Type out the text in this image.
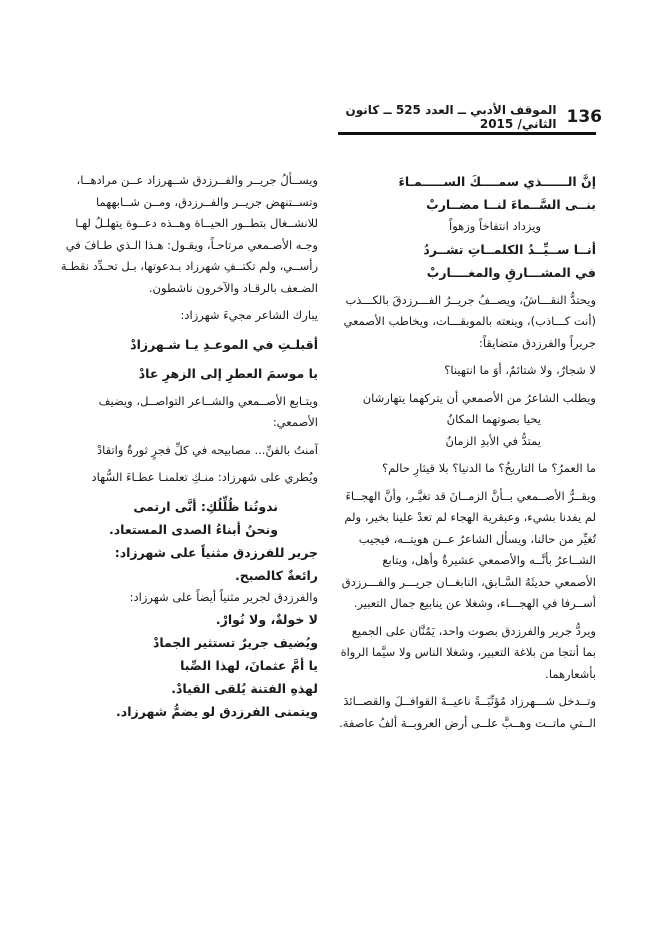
136
الموقف الأدبي ــ العدد 525 ــ كانون الثاني/ 2015
إنَّ الــــــذي سمــــكَ الســـــمـاءَ
بنــى السَّــماءَ لنــا مضــاربْ
ويزداد انتفاخاً وزهواً
أنــا ســيِّــدُ الكلمــاتِ تشــردُ
في المشـــارقِ والمغــــاربْ
ويحتدُّ النقـــاشُ، ويصــفُ جريــرُ الفـــرزدقَ بالكـــذب (أنت كـــاذب)، وينعته بالموبقـــات، ويخاطب الأصمعي جريراً والفرزدق متضايقاً:
لا شجارٌ، ولا شتائمٌ، أوَ ما انتهينا؟
ويطلب الشاعرُ من الأصمعي أن يتركهما يتهارشان
يحيا بصوتهما المكانُ
يمتدُّ في الأبدِ الزمانُ
ما العمرُ؟ ما التاريخُ؟ ما الدنيا؟ بلا قيثارِ حالم؟
ويقــرُّ الأصــمعي بــأنَّ الزمــانَ قد تغيَّـر، وأنَّ الهجــاءَ لم يفدنا بشيء، وعبقرية الهجاء لم تعدْ علينا بخير، ولم تُغيِّر من حالنا، ويسأل الشاعرُ عــن هويتــه، فيجيب الشــاعرُ بأنَّــه والأصمعي عشيرةٌ وأهل، ويتابع الأصمعي حديثَهُ السَّـابق، النابغــان جريـــر والفـــرزدق أســرفا في الهجـــاء، وشغلا عن ينابيع جمال التعبير.
ويردُّ جرير والفرزدق بصوت واحد، يَمُنَّان على الجميع بما أنتجا من بلاغة التعبير، وشغلا الناس ولا سيَّما الرواة بأشعارهما.
وتــدخل شـــهرزاد مُؤنِّبَــةً ناعيــةَ القوافــلَ والقصــائدَ الــتي ماتــت وهــبَّ علــى أرض العروبــة ألفُ عاصفة.
ويســألُ جريــر والفــرزدق شــهرزاد عــن مرادهــا، وتســتنهض جريــر والفــرزدق، ومــن شــابههما للانشــغال بتطــور الحيــاة وهــذه دعــوة يتهلـلُ لهـا وجـه الأصـمعي مرتاحـاً، ويقـول: هـذا الـذي طـافَ في رأســي، ولم تكتــفِ شهرزاد بـدعوتها، بـل تحـدِّد نقطـة الضـعف بالرقـاد والآخرون ناشطون.
يبارك الشاعر مجيءَ شهرزاد:
أقبلـتِ في الموعـدِ يـا شـهرزادْ
يا موسمَ العطرِ إلى الزهرِ عادْ
ويتـابع الأصــمعي والشــاعر التواصــل، ويضيف الأصمعي:
آمنتُ بالفنِّ... مصابيحه في كلِّ فجرٍ ثورةٌ واتقادْ
ويُطري على شهرزاد: منـكِ تعلمنـا عطـاءَ السُّهاد
ندوتُنا ظُلِّلُكِ: أنَّى ارتمى
ونحنُ أبناءُ الصدى المستعاد.
جرير للفرزدق مثنياً على شهرزاد:
رائعةٌ كالصبح.
والفرزدق لجرير مثنياً أيضاً على شهرزاد:
لا خولةٌ، ولا نُوارْ.
ويُضيف جريرٌ تستثير الجمادْ
يا أمَّ عثمانَ، لهذا الصِّبا
لهذهِ الفتنة يُلقى القيادْ.
ويتمنى الفرزدق لو يضمُّ شهرزاد.
